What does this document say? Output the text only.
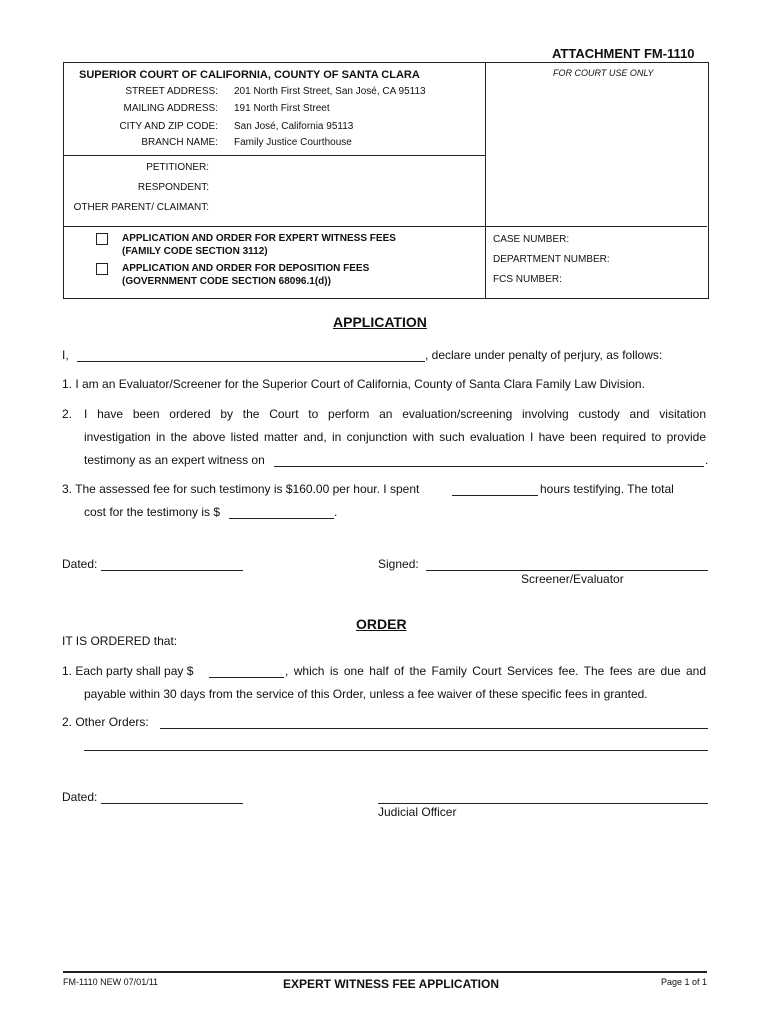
ATTACHMENT FM-1110
FOR COURT USE ONLY
SUPERIOR COURT OF CALIFORNIA, COUNTY OF SANTA CLARA
STREET ADDRESS: 201 North First Street, San José, CA 95113
MAILING ADDRESS: 191 North First Street
CITY AND ZIP CODE: San José, California 95113
BRANCH NAME: Family Justice Courthouse
PETITIONER:
RESPONDENT:
OTHER PARENT/ CLAIMANT:
APPLICATION AND ORDER FOR EXPERT WITNESS FEES
(FAMILY CODE SECTION 3112)
APPLICATION AND ORDER FOR DEPOSITION FEES
(GOVERNMENT CODE SECTION 68096.1(d))
CASE NUMBER:
DEPARTMENT NUMBER:
FCS NUMBER:
APPLICATION
I,	, declare under penalty of perjury, as follows:
1. I am an Evaluator/Screener for the Superior Court of California, County of Santa Clara Family Law Division.
2. I have been ordered by the Court to perform an evaluation/screening involving custody and visitation
investigation in the above listed matter and, in conjunction with such evaluation I have been required to provide
testimony as an expert witness on	.
3. The assessed fee for such testimony is $160.00 per hour. I spent	hours testifying. The total
cost for the testimony is $	.
Dated:	Signed:
Screener/Evaluator
ORDER
IT IS ORDERED that:
1. Each party shall pay $	, which is one half of the Family Court Services fee. The fees are due and
payable within 30 days from the service of this Order, unless a fee waiver of these specific fees in granted.
2. Other Orders:
Dated:
Judicial Officer
FM-1110 NEW 07/01/11	EXPERT WITNESS FEE APPLICATION	Page 1 of 1
